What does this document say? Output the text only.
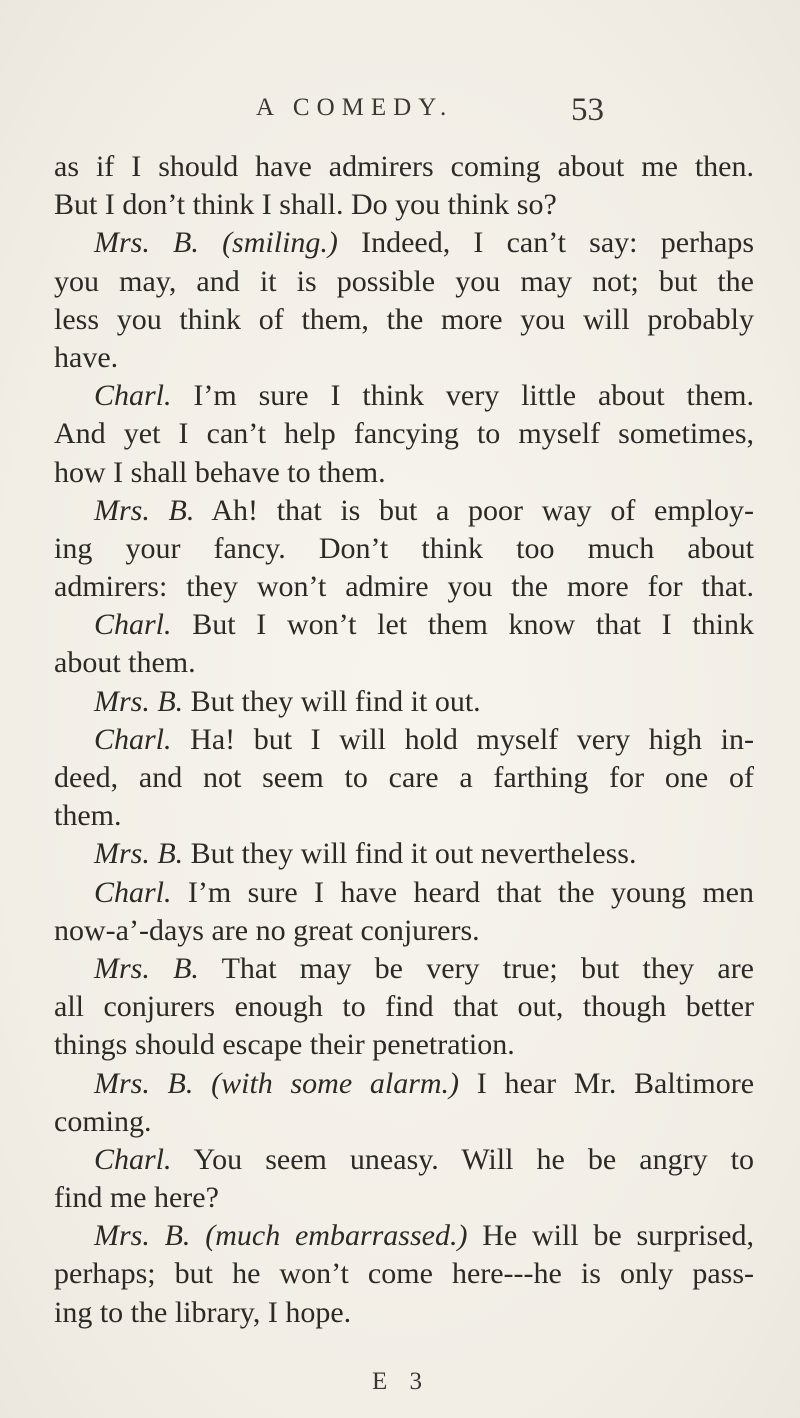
A COMEDY.	53
as if I should have admirers coming about me then.
But I don’t think I shall. Do you think so?
Mrs. B. (smiling.) Indeed, I can’t say: perhaps
you may, and it is possible you may not; but the
less you think of them, the more you will probably
have.
Charl. I’m sure I think very little about them.
And yet I can’t help fancying to myself sometimes,
how I shall behave to them.
Mrs. B. Ah! that is but a poor way of employ-
ing your fancy. Don’t think too much about
admirers: they won’t admire you the more for that.
Charl. But I won’t let them know that I think
about them.
Mrs. B. But they will find it out.
Charl. Ha! but I will hold myself very high in-
deed, and not seem to care a farthing for one of
them.
Mrs. B. But they will find it out nevertheless.
Charl. I’m sure I have heard that the young men
now-a’-days are no great conjurers.
Mrs. B. That may be very true; but they are
all conjurers enough to find that out, though better
things should escape their penetration.
Mrs. B. (with some alarm.) I hear Mr. Baltimore
coming.
Charl. You seem uneasy. Will he be angry to
find me here?
Mrs. B. (much embarrassed.) He will be surprised,
perhaps; but he won’t come here---he is only pass-
ing to the library, I hope.
E 3
